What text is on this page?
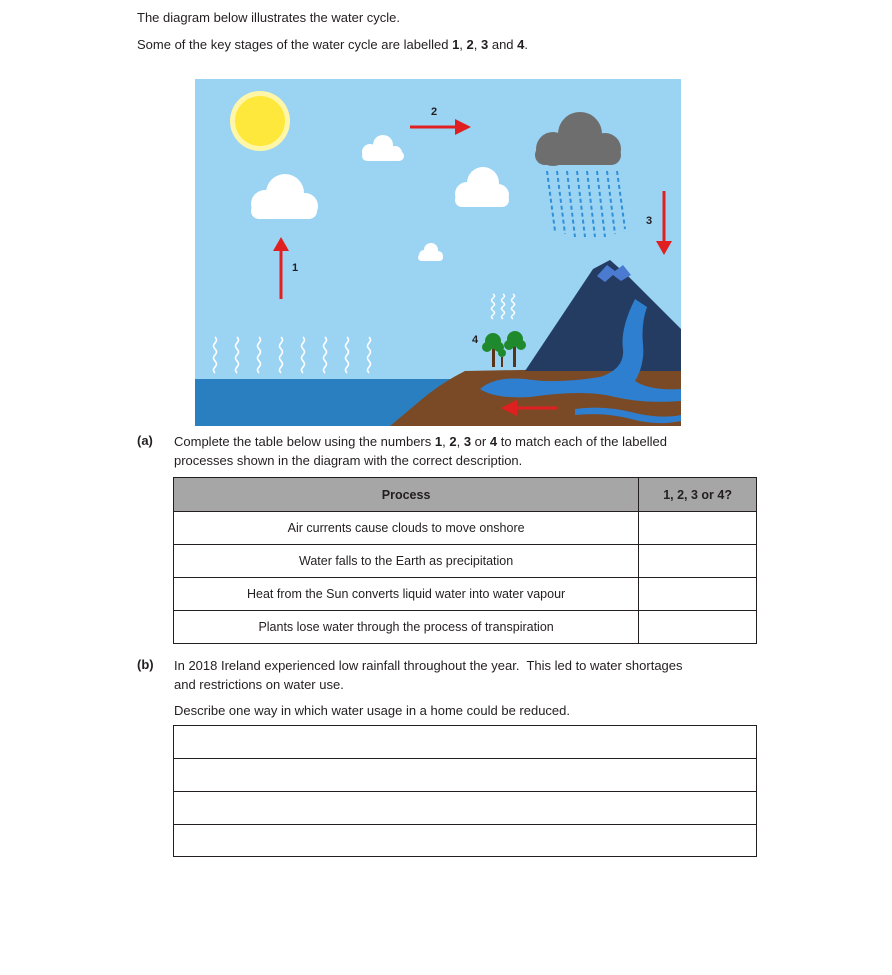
The diagram below illustrates the water cycle.
Some of the key stages of the water cycle are labelled 1, 2, 3 and 4.
1
2
3
4
(a) Complete the table below using the numbers 1, 2, 3 or 4 to match each of the labelled
processes shown in the diagram with the correct description.
Process	1, 2, 3 or 4?
Air currents cause clouds to move onshore	
Water falls to the Earth as precipitation	
Heat from the Sun converts liquid water into water vapour	
Plants lose water through the process of transpiration	
(b) In 2018 Ireland experienced low rainfall throughout the year.  This led to water shortages
and restrictions on water use.
Describe one way in which water usage in a home could be reduced.
